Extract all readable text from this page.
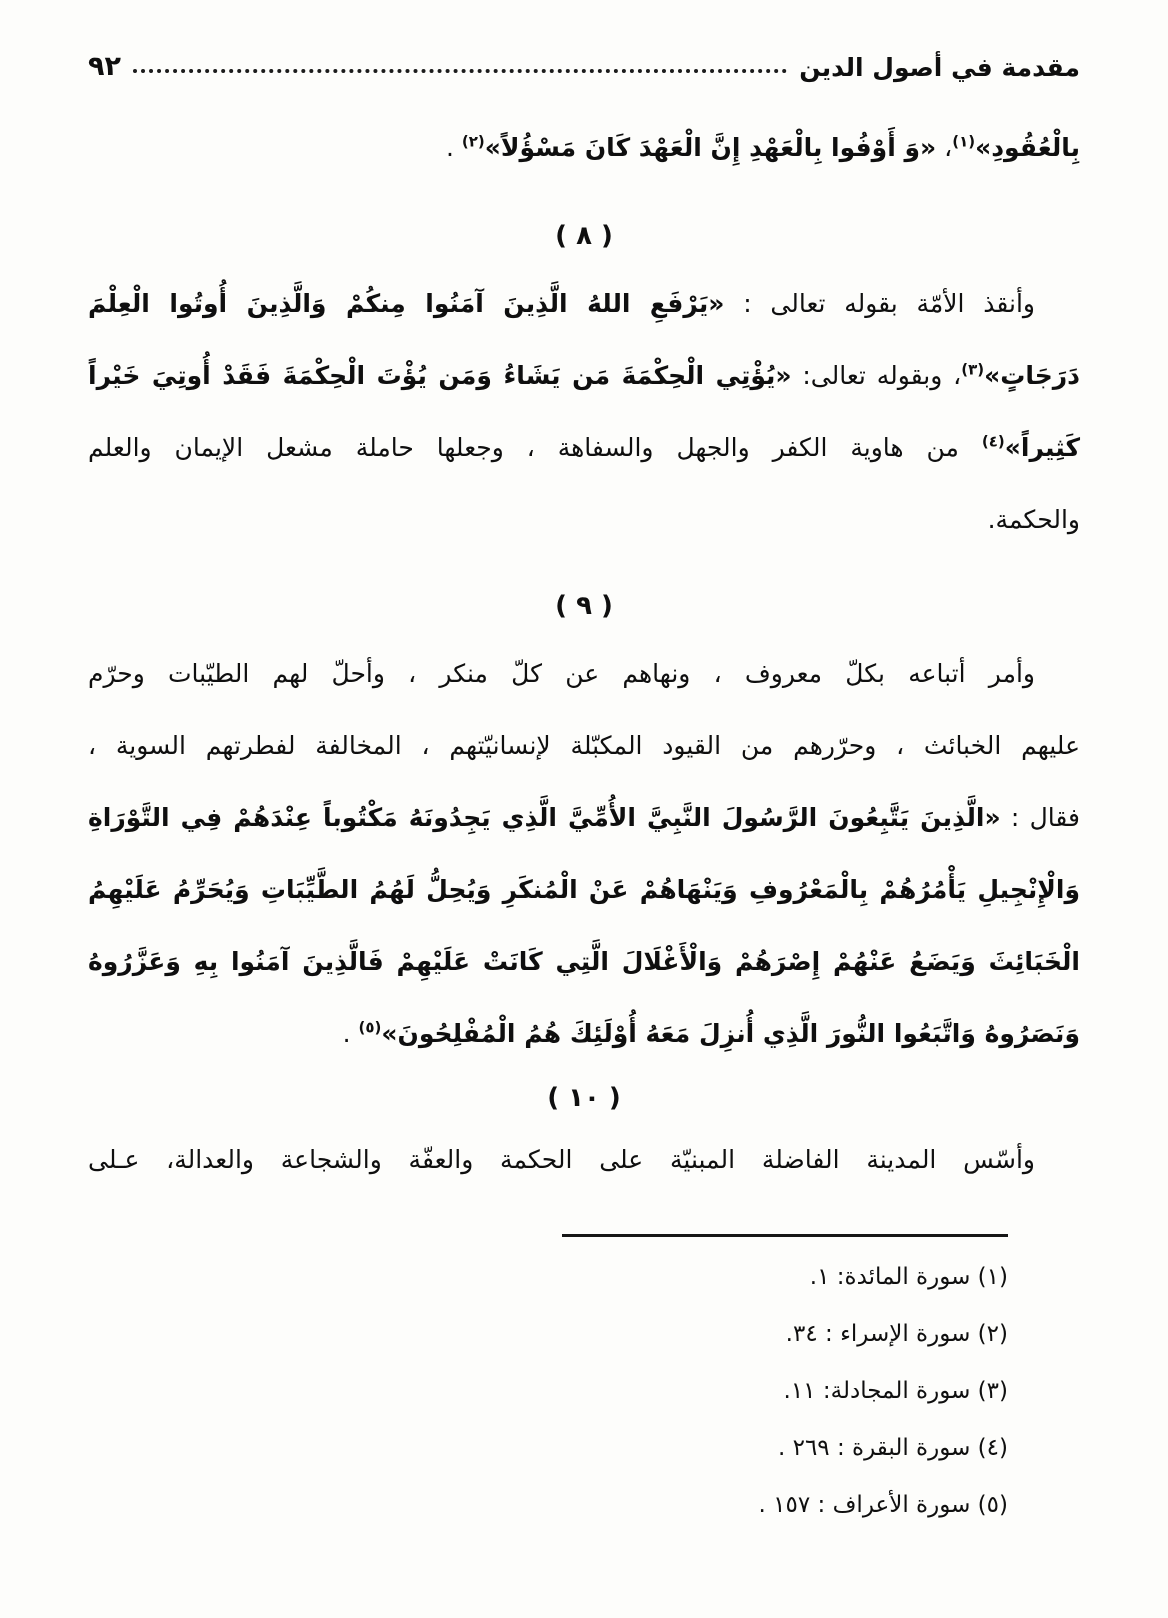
مقدمة في أصول الدين
٩٢

بِالْعُقُودِ»$^{(١)}$، «وَ أَوْفُوا بِالْعَهْدِ إِنَّ الْعَهْدَ كَانَ مَسْؤُلاً»$^{(٢)}$ .

( ٨ )

وأنقذ الأمّة بقوله تعالى : «يَرْفَعِ اللهُ الَّذِينَ آمَنُوا مِنكُمْ وَالَّذِينَ أُوتُوا الْعِلْمَ

دَرَجَاتٍ»$^{(٣)}$، وبقوله تعالى: «يُؤْتِي الْحِكْمَةَ مَن يَشَاءُ وَمَن يُؤْتَ الْحِكْمَةَ فَقَدْ أُوتِيَ خَيْراً

كَثِيراً»$^{(٤)}$ من هاوية الكفر والجهل والسفاهة ، وجعلها حاملة مشعل الإيمان والعلم

والحكمة.

( ٩ )

وأمر أتباعه بكلّ معروف ، ونهاهم عن كلّ منكر ، وأحلّ لهم الطيّبات وحرّم

عليهم الخبائث ، وحرّرهم من القيود المكبّلة لإنسانيّتهم ، المخالفة لفطرتهم السوية ،

فقال : «الَّذِينَ يَتَّبِعُونَ الرَّسُولَ النَّبِيَّ الأُمِّيَّ الَّذِي يَجِدُونَهُ مَكْتُوباً عِنْدَهُمْ فِي التَّوْرَاةِ

وَالْإِنْجِيلِ يَأْمُرُهُمْ بِالْمَعْرُوفِ وَيَنْهَاهُمْ عَنْ الْمُنكَرِ وَيُحِلُّ لَهُمُ الطَّيِّبَاتِ وَيُحَرِّمُ عَلَيْهِمُ

الْخَبَائِثَ وَيَضَعُ عَنْهُمْ إِصْرَهُمْ وَالْأَغْلَالَ الَّتِي كَانَتْ عَلَيْهِمْ فَالَّذِينَ آمَنُوا بِهِ وَعَزَّرُوهُ

وَنَصَرُوهُ وَاتَّبَعُوا النُّورَ الَّذِي أُنزِلَ مَعَهُ أُوْلَئِكَ هُمُ الْمُفْلِحُونَ»$^{(٥)}$ .

( ١٠ )

وأسّس المدينة الفاضلة المبنيّة على الحكمة والعفّة والشجاعة والعدالة، عـلى

(١) سورة المائدة: ١.
(٢) سورة الإسراء : ٣٤.
(٣) سورة المجادلة: ١١.
(٤) سورة البقرة : ٢٦٩ .
(٥) سورة الأعراف : ١٥٧ .
